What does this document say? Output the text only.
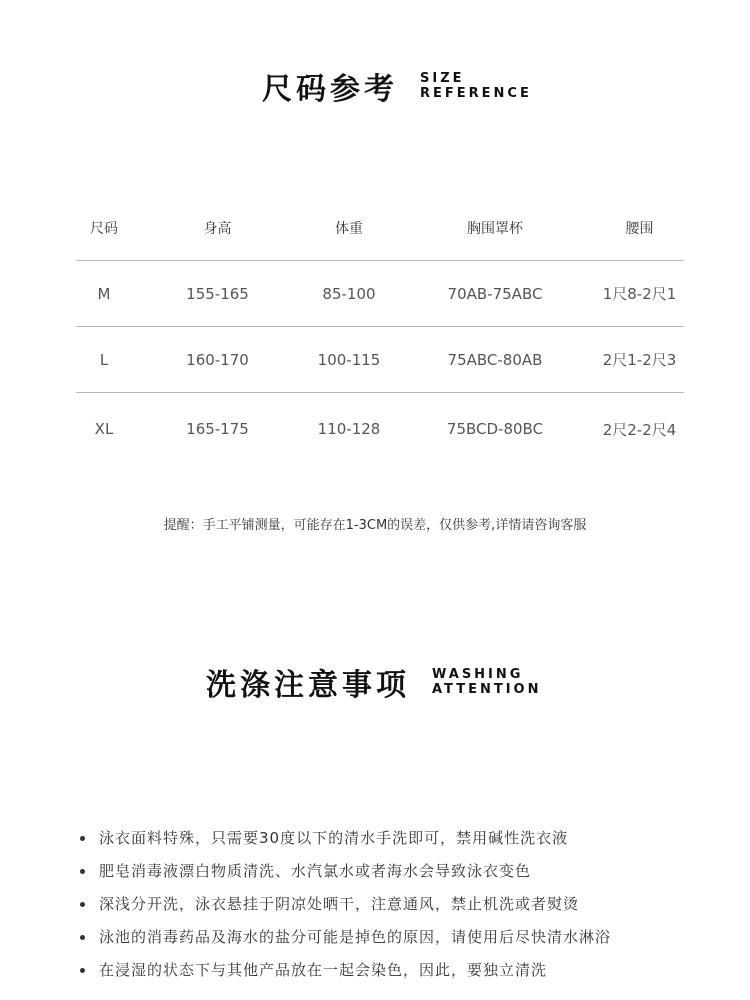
尺码参考 SIZE
REFERENCE
尺码	身高	体重	胸围罩杯	腰围
M	155-165	85-100	70AB-75ABC	1尺8-2尺1
L	160-170	100-115	75ABC-80AB	2尺1-2尺3
XL	165-175	110-128	75BCD-80BC	2尺2-2尺4
提醒：手工平铺测量，可能存在1-3CM的误差，仅供参考,详情请咨询客服
洗涤注意事项 WASHING
ATTENTION
泳衣面料特殊，只需要30度以下的清水手洗即可，禁用碱性洗衣液
肥皂消毒液漂白物质清洗、水汽氯水或者海水会导致泳衣变色
深浅分开洗，泳衣悬挂于阴凉处晒干，注意通风，禁止机洗或者熨烫
泳池的消毒药品及海水的盐分可能是掉色的原因，请使用后尽快清水淋浴
在浸湿的状态下与其他产品放在一起会染色，因此，要独立清洗
